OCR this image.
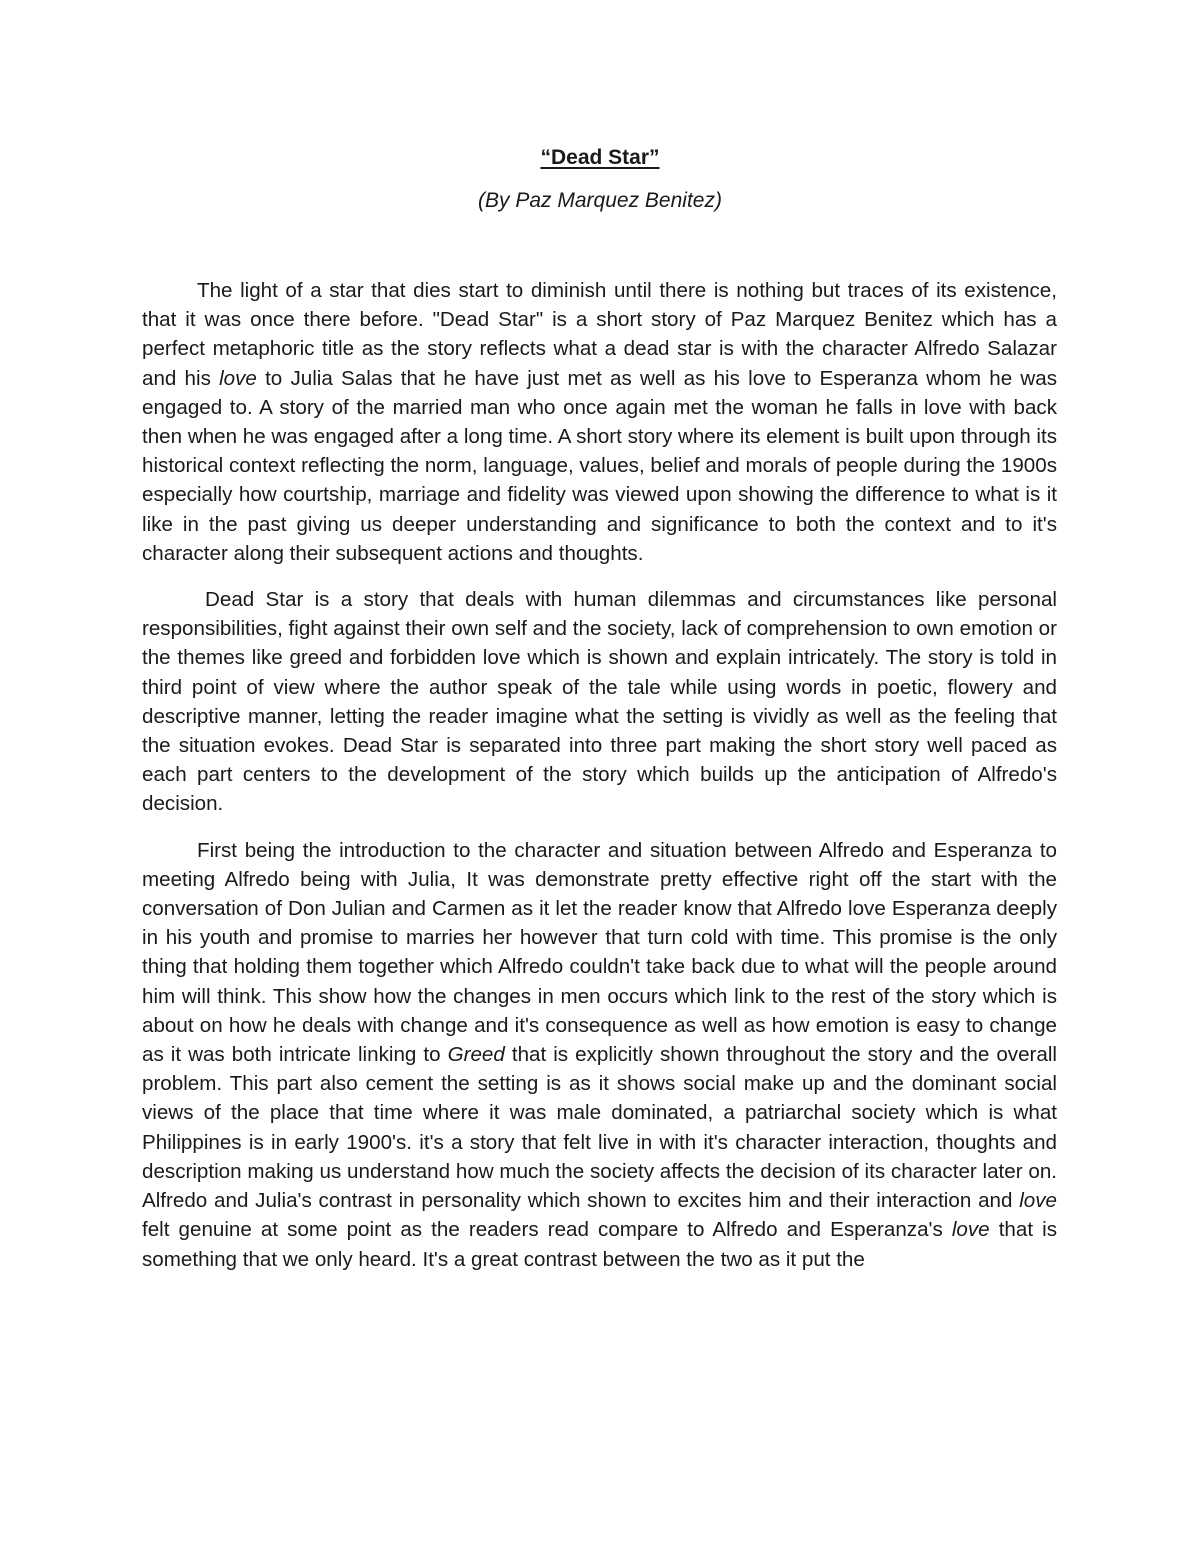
“Dead Star”
(By Paz Marquez Benitez)

The light of a star that dies start to diminish until there is nothing but traces of its existence, that it was once there before. "Dead Star" is a short story of Paz Marquez Benitez which has a perfect metaphoric title as the story reflects what a dead star is with the character Alfredo Salazar and his love to Julia Salas that he have just met as well as his love to Esperanza whom he was engaged to. A story of the married man who once again met the woman he falls in love with back then when he was engaged after a long time. A short story where its element is built upon through its historical context reflecting the norm, language, values, belief and morals of people during the 1900s especially how courtship, marriage and fidelity was viewed upon showing the difference to what is it like in the past giving us deeper understanding and significance to both the context and to it's character along their subsequent actions and thoughts.

Dead Star is a story that deals with human dilemmas and circumstances like personal responsibilities, fight against their own self and the society, lack of comprehension to own emotion or the themes like greed and forbidden love which is shown and explain intricately. The story is told in third point of view where the author speak of the tale while using words in poetic, flowery and descriptive manner, letting the reader imagine what the setting is vividly as well as the feeling that the situation evokes. Dead Star is separated into three part making the short story well paced as each part centers to the development of the story which builds up the anticipation of Alfredo's decision.

First being the introduction to the character and situation between Alfredo and Esperanza to meeting Alfredo being with Julia, It was demonstrate pretty effective right off the start with the conversation of Don Julian and Carmen as it let the reader know that Alfredo love Esperanza deeply in his youth and promise to marries her however that turn cold with time. This promise is the only thing that holding them together which Alfredo couldn't take back due to what will the people around him will think. This show how the changes in men occurs which link to the rest of the story which is about on how he deals with change and it's consequence as well as how emotion is easy to change as it was both intricate linking to Greed that is explicitly shown throughout the story and the overall problem. This part also cement the setting is as it shows social make up and the dominant social views of the place that time where it was male dominated, a patriarchal society which is what Philippines is in early 1900's. it's a story that felt live in with it's character interaction, thoughts and description making us understand how much the society affects the decision of its character later on. Alfredo and Julia's contrast in personality which shown to excites him and their interaction and love felt genuine at some point as the readers read compare to Alfredo and Esperanza's love that is something that we only heard. It's a great contrast between the two as it put the
